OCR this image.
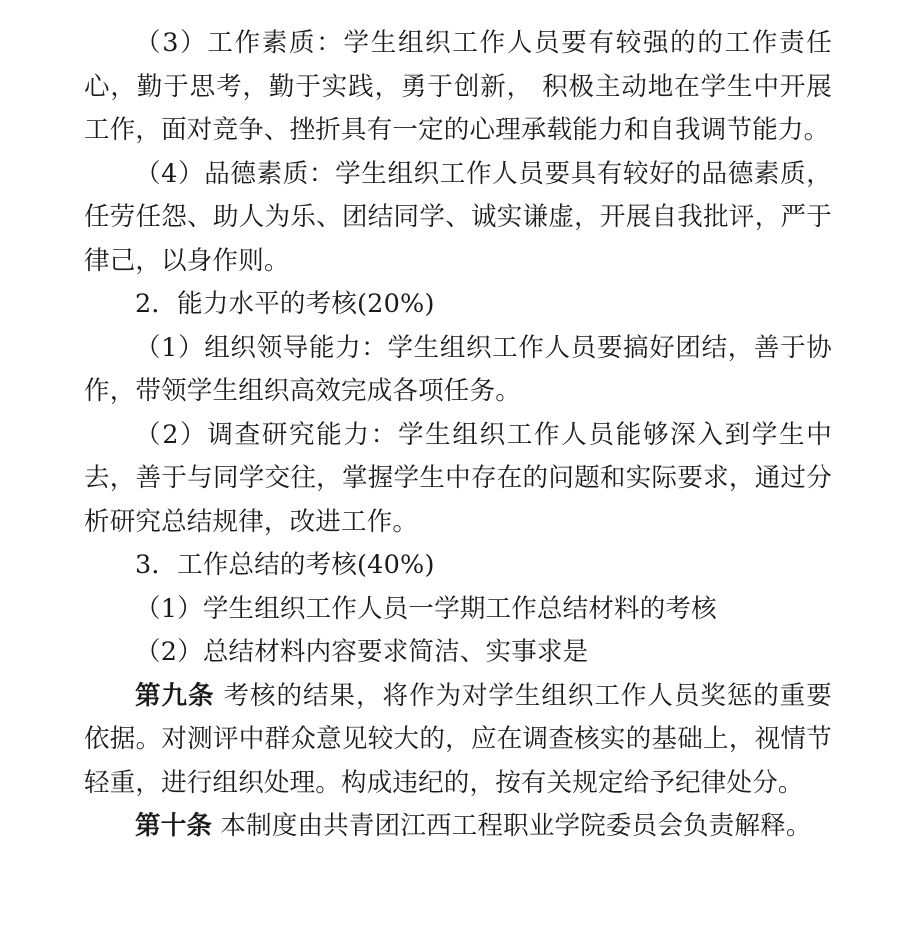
（3）工作素质：学生组织工作人员要有较强的的工作责任心，勤于思考，勤于实践，勇于创新， 积极主动地在学生中开展工作，面对竞争、挫折具有一定的心理承载能力和自我调节能力。

（4）品德素质：学生组织工作人员要具有较好的品德素质，任劳任怨、助人为乐、团结同学、诚实谦虚，开展自我批评，严于律己，以身作则。

2．能力水平的考核(20%)

（1）组织领导能力：学生组织工作人员要搞好团结，善于协作，带领学生组织高效完成各项任务。

（2）调查研究能力：学生组织工作人员能够深入到学生中去，善于与同学交往，掌握学生中存在的问题和实际要求，通过分析研究总结规律，改进工作。

3．工作总结的考核(40%)

（1）学生组织工作人员一学期工作总结材料的考核

（2）总结材料内容要求简洁、实事求是

第九条 考核的结果，将作为对学生组织工作人员奖惩的重要依据。对测评中群众意见较大的，应在调查核实的基础上，视情节轻重，进行组织处理。构成违纪的，按有关规定给予纪律处分。

第十条 本制度由共青团江西工程职业学院委员会负责解释。
